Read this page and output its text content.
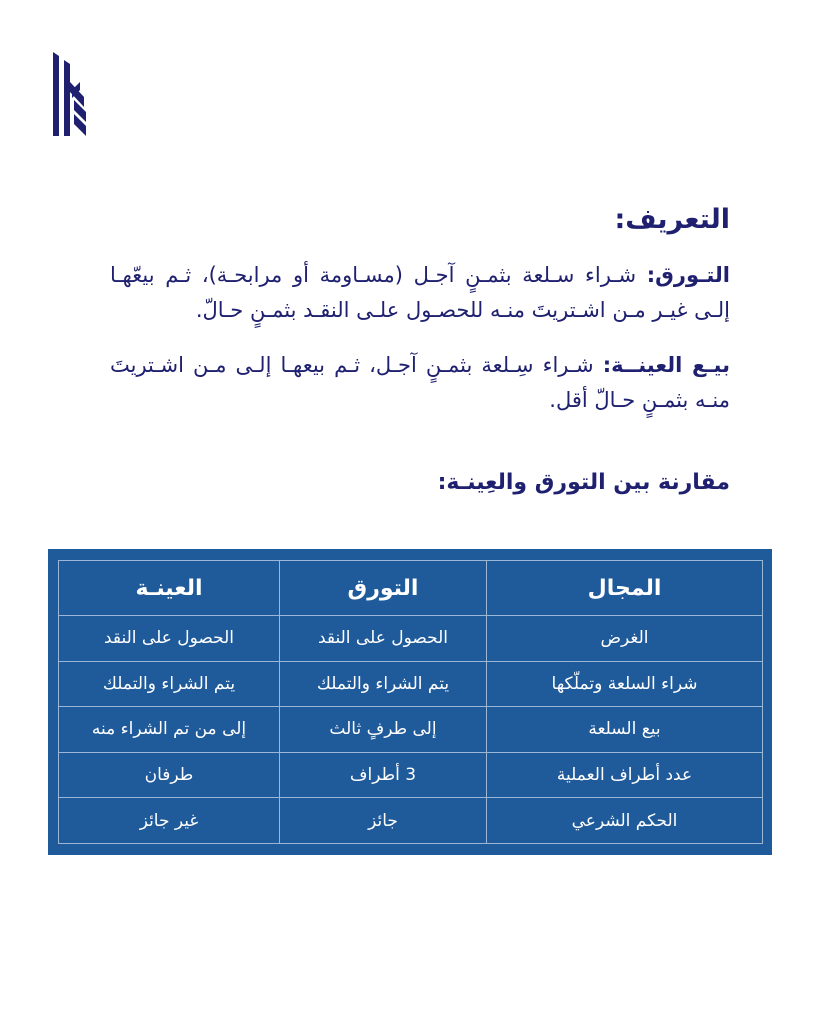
التعريف:

التـورق: شـراء سـلعة بثمـنٍ آجـل (مسـاومة أو مرابحـة)، ثـم بيعّهـا إلـى غيـر مـن اشـتريتَ منـه للحصـول علـى النقـد بثمـنٍ حـالّ.

بيـع العينــة: شـراء سِـلعة بثمـنٍ آجـل، ثـم بيعهـا إلـى مـن اشـتريتَ منـه بثمـنٍ حـالّ أقل.

مقارنة بين التورق والعِينـة:
المجال	التورق	العينـة
الغرض	الحصول على النقد	الحصول على النقد
شراء السلعة وتملّكها	يتم الشراء والتملك	يتم الشراء والتملك
بيع السلعة	إلى طرفٍ ثالث	إلى من تم الشراء منه
عدد أطراف العملية	3 أطراف	طرفان
الحكم الشرعي	جائز	غير جائز
